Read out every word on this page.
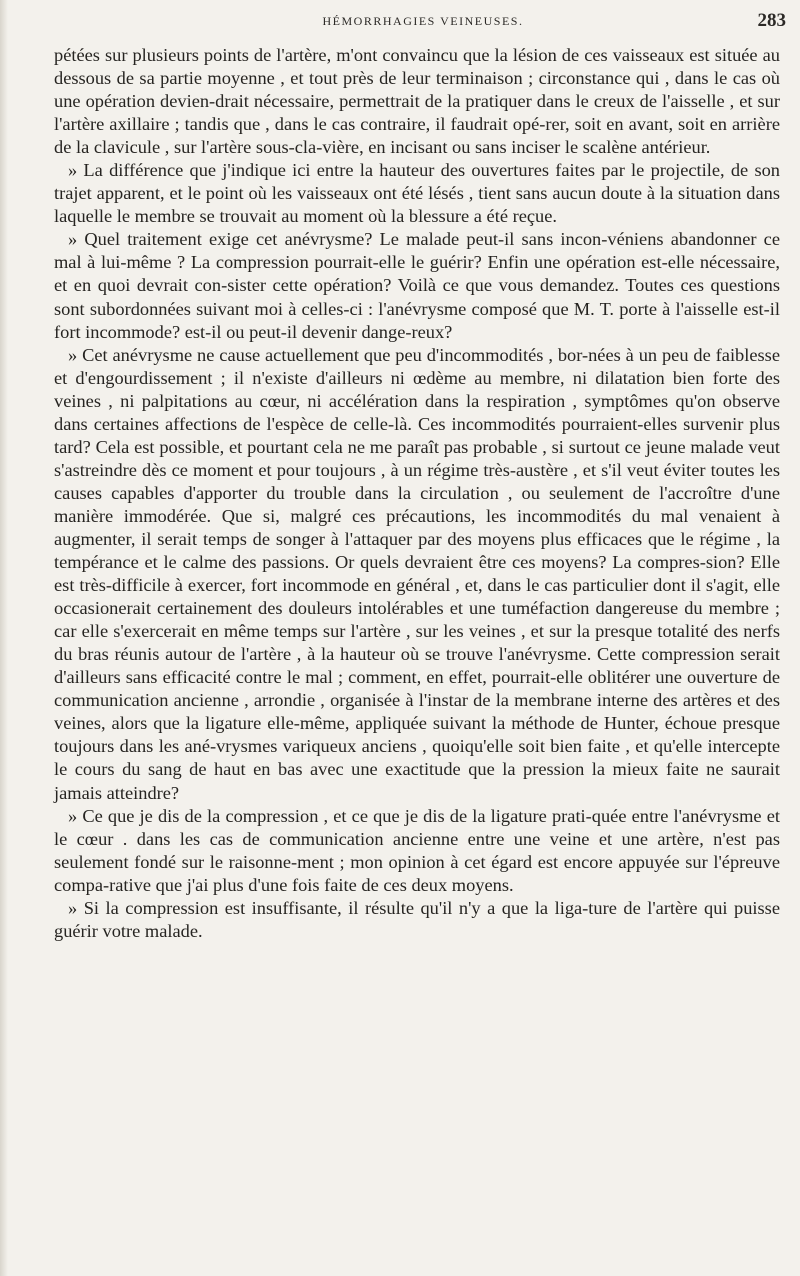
HÉMORRHAGIES VEINEUSES.	283

pétées sur plusieurs points de l'artère, m'ont convaincu que la lésion de ces vaisseaux est située au dessous de sa partie moyenne , et tout près de leur terminaison ; circonstance qui , dans le cas où une opération devien-drait nécessaire, permettrait de la pratiquer dans le creux de l'aisselle , et sur l'artère axillaire ; tandis que , dans le cas contraire, il faudrait opé-rer, soit en avant, soit en arrière de la clavicule , sur l'artère sous-cla-vière, en incisant ou sans inciser le scalène antérieur.

» La différence que j'indique ici entre la hauteur des ouvertures faites par le projectile, de son trajet apparent, et le point où les vaisseaux ont été lésés , tient sans aucun doute à la situation dans laquelle le membre se trouvait au moment où la blessure a été reçue.

» Quel traitement exige cet anévrysme? Le malade peut-il sans incon-véniens abandonner ce mal à lui-même ? La compression pourrait-elle le guérir? Enfin une opération est-elle nécessaire, et en quoi devrait con-sister cette opération? Voilà ce que vous demandez. Toutes ces questions sont subordonnées suivant moi à celles-ci : l'anévrysme composé que M. T. porte à l'aisselle est-il fort incommode? est-il ou peut-il devenir dange-reux?

» Cet anévrysme ne cause actuellement que peu d'incommodités , bor-nées à un peu de faiblesse et d'engourdissement ; il n'existe d'ailleurs ni œdème au membre, ni dilatation bien forte des veines , ni palpitations au cœur, ni accélération dans la respiration , symptômes qu'on observe dans certaines affections de l'espèce de celle-là. Ces incommodités pourraient-elles survenir plus tard? Cela est possible, et pourtant cela ne me paraît pas probable , si surtout ce jeune malade veut s'astreindre dès ce moment et pour toujours , à un régime très-austère , et s'il veut éviter toutes les causes capables d'apporter du trouble dans la circulation , ou seulement de l'accroître d'une manière immodérée. Que si, malgré ces précautions, les incommodités du mal venaient à augmenter, il serait temps de songer à l'attaquer par des moyens plus efficaces que le régime , la tempérance et le calme des passions. Or quels devraient être ces moyens? La compres-sion? Elle est très-difficile à exercer, fort incommode en général , et, dans le cas particulier dont il s'agit, elle occasionerait certainement des douleurs intolérables et une tuméfaction dangereuse du membre ; car elle s'exercerait en même temps sur l'artère , sur les veines , et sur la presque totalité des nerfs du bras réunis autour de l'artère , à la hauteur où se trouve l'anévrysme. Cette compression serait d'ailleurs sans efficacité contre le mal ; comment, en effet, pourrait-elle oblitérer une ouverture de communication ancienne , arrondie , organisée à l'instar de la membrane interne des artères et des veines, alors que la ligature elle-même, appliquée suivant la méthode de Hunter, échoue presque toujours dans les ané-vrysmes variqueux anciens , quoiqu'elle soit bien faite , et qu'elle intercepte le cours du sang de haut en bas avec une exactitude que la pression la mieux faite ne saurait jamais atteindre?

» Ce que je dis de la compression , et ce que je dis de la ligature prati-quée entre l'anévrysme et le cœur . dans les cas de communication ancienne entre une veine et une artère, n'est pas seulement fondé sur le raisonne-ment ; mon opinion à cet égard est encore appuyée sur l'épreuve compa-rative que j'ai plus d'une fois faite de ces deux moyens.

» Si la compression est insuffisante, il résulte qu'il n'y a que la liga-ture de l'artère qui puisse guérir votre malade.
